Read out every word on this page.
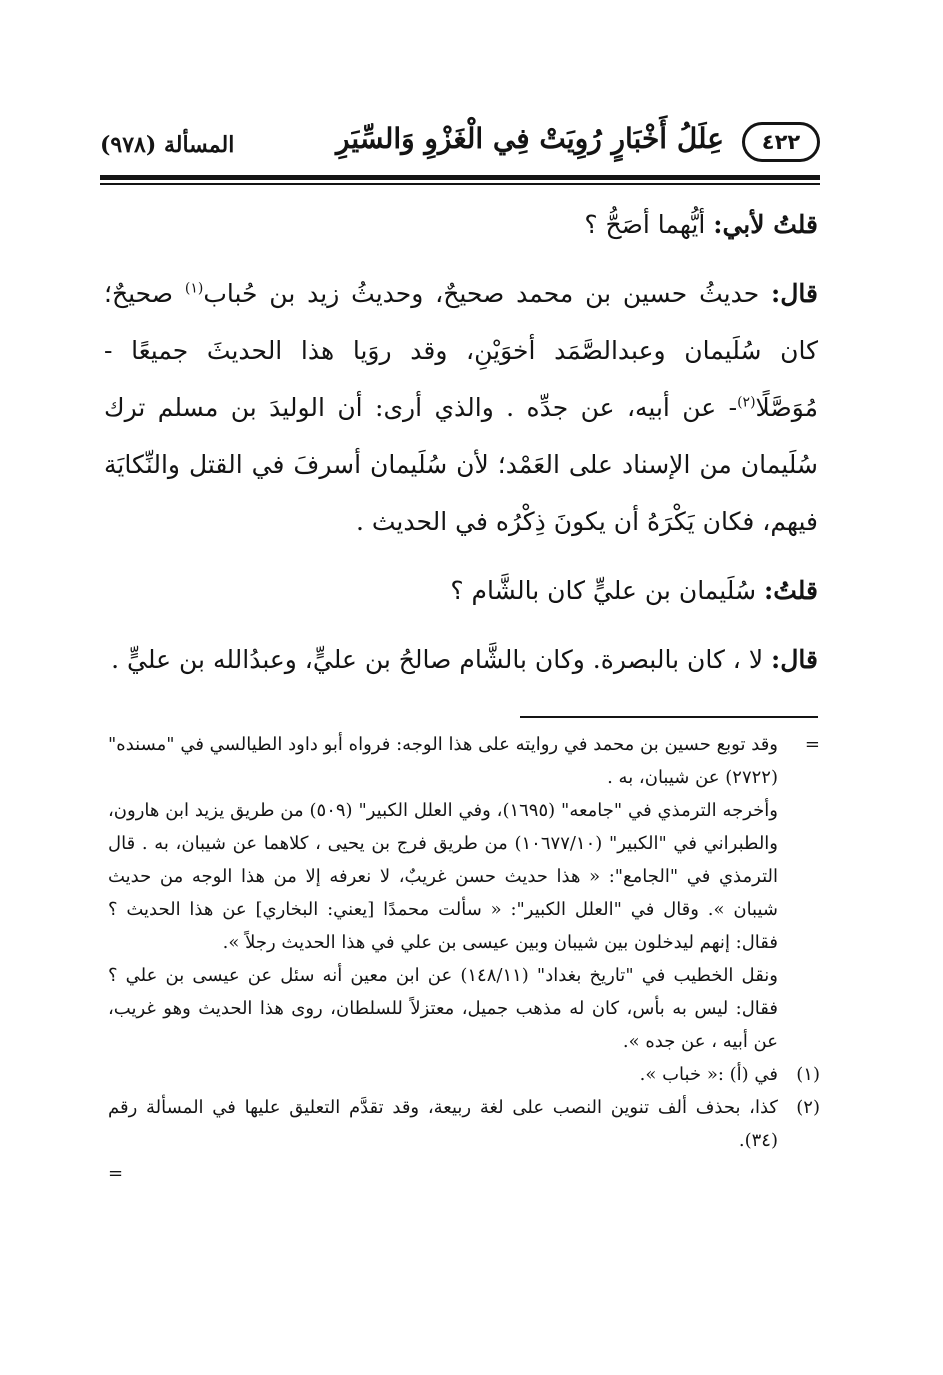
٤٢٢
عِلَلُ أَخْبَارٍ رُوِيَتْ فِي الْغَزْوِ وَالسِّيَرِ
المسألة (٩٧٨)

قلتُ لأبي: أيُّهما أصَحُّ ؟

قال: حديثُ حسين بن محمد صحيحٌ، وحديثُ زيد بن حُباب$^{(١)}$ صحيحٌ؛ كان سُلَيمان وعبدالصَّمَد أخوَيْنِ، وقد روَيا هذا الحديثَ جميعًا - مُوَصَّلًا$^{(٢)}$- عن أبيه، عن جدِّه . والذي أرى: أن الوليدَ بن مسلم ترك سُلَيمان من الإسناد على العَمْد؛ لأن سُلَيمان أسرفَ في القتل والنِّكايَة فيهم، فكان يَكْرَهُ أن يكونَ ذِكْرُه في الحديث .

قلتُ: سُلَيمان بن عليٍّ كان بالشَّام ؟

قال: لا ، كان بالبصرة. وكان بالشَّام صالحُ بن عليٍّ، وعبدُالله بن عليٍّ .

=
وقد توبع حسين بن محمد في روايته على هذا الوجه: فرواه أبو داود الطيالسي في "مسنده" (٢٧٢٢) عن شيبان، به .
وأخرجه الترمذي في "جامعه" (١٦٩٥)، وفي العلل الكبير" (٥٠٩) من طريق يزيد ابن هارون، والطبراني في "الكبير" (١٠٦٧٧/١٠) من طريق فرج بن يحيى ، كلاهما عن شيبان، به . قال الترمذي في "الجامع": « هذا حديث حسن غريبٌ، لا نعرفه إلا من هذا الوجه من حديث شيبان ». وقال في "العلل الكبير": « سألت محمدًا [يعني: البخاري] عن هذا الحديث ؟ فقال: إنهم ليدخلون بين شيبان وبين عيسى بن علي في هذا الحديث رجلاً ».
ونقل الخطيب في "تاريخ بغداد" (١٤٨/١١) عن ابن معين أنه سئل عن عيسى بن علي ؟ فقال: ليس به بأس، كان له مذهب جميل، معتزلاً للسلطان، روى هذا الحديث وهو غريب، عن أبيه ، عن جده ».
(١)
في (أ) :« خباب ».
(٢)
كذا، بحذف ألف تنوين النصب على لغة ربيعة، وقد تقدَّم التعليق عليها في المسألة رقم (٣٤).
=
